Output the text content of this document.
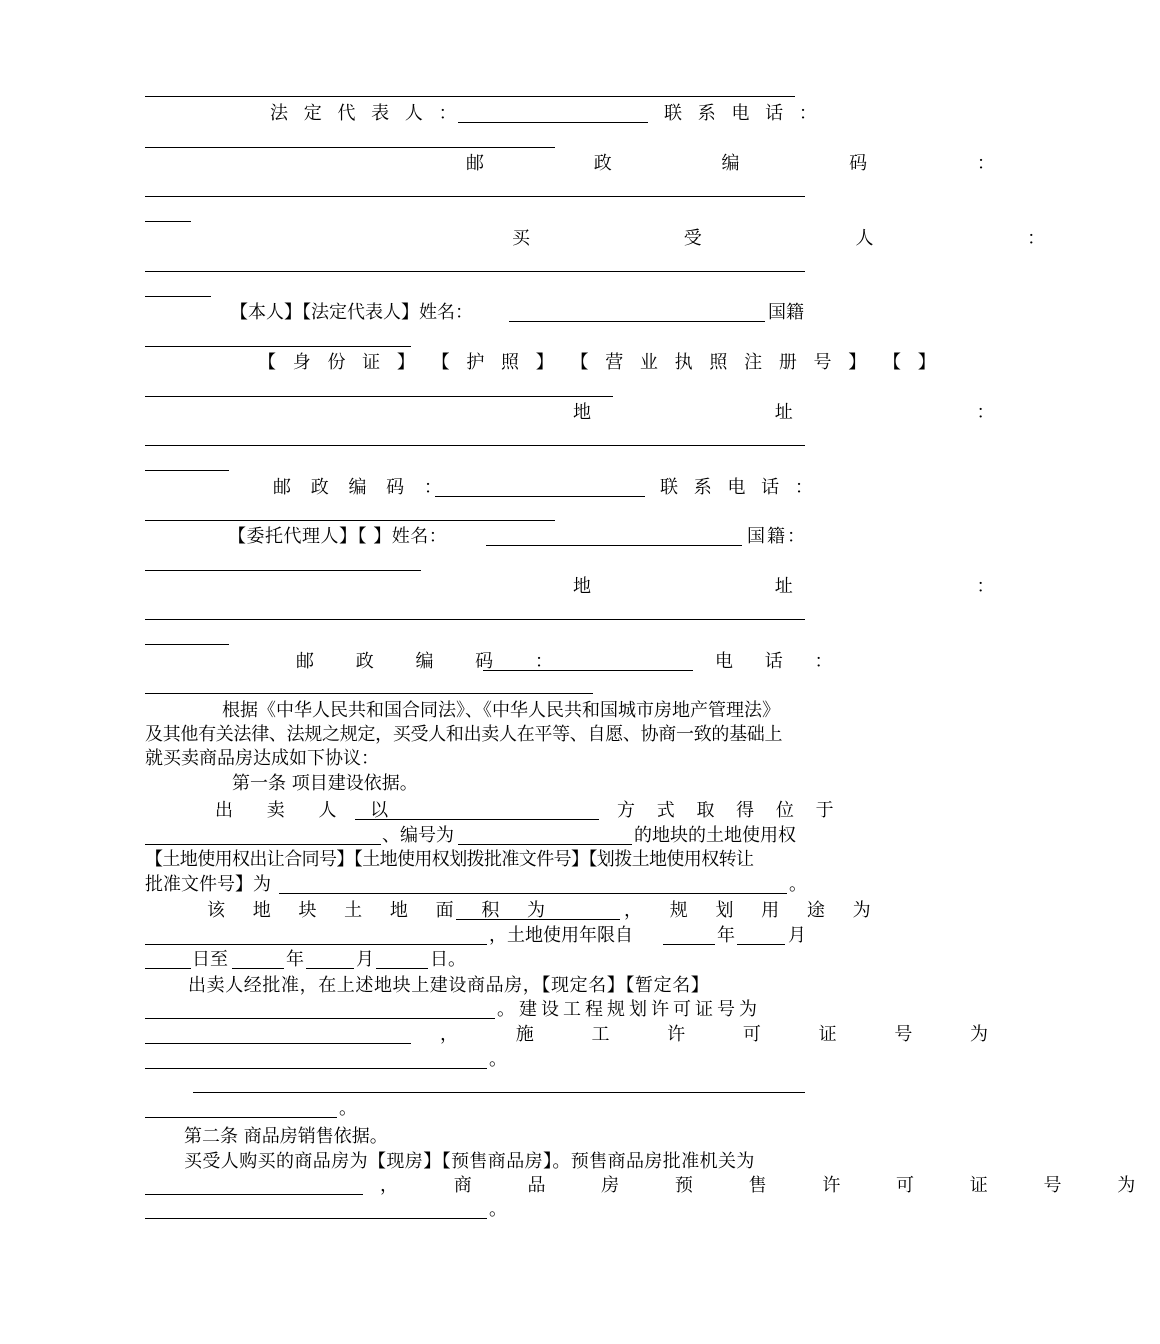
法 定 代 表 人 ：	联 系 电 话 ：
邮 政 编 码 ：
买 受 人 ：
【本人】【法定代表人】姓名：	国籍
【 身 份 证 】 【 护 照 】 【 营 业 执 照 注 册 号 】 【 】
地 址 ：
邮 政 编 码 ：	联 系 电 话 ：
【委托代理人】【 】姓名：	国籍：
地 址 ：
邮 政 编 码 ：	电 话 ：
根据《中华人民共和国合同法》、《中华人民共和国城市房地产管理法》
及其他有关法律、法规之规定，买受人和出卖人在平等、自愿、协商一致的基础上
就买卖商品房达成如下协议：
第一条 项目建设依据。
出 卖 人 以	方 式 取 得 位 于
、编号为	的地块的土地使用权
【土地使用权出让合同号】【土地使用权划拨批准文件号】【划拨土地使用权转让
批准文件号】为	。
该 地 块 土 地 面 积 为	， 规 划 用 途 为
，土地使用年限自	年	月
日至	年	月	日。
出卖人经批准，在上述地块上建设商品房，【现定名】【暂定名】
。建设工程规划许可证号为
， 施 工 许 可 证 号 为
。
。
第二条 商品房销售依据。
买受人购买的商品房为【现房】【预售商品房】。预售商品房批准机关为
， 商 品 房 预 售 许 可 证 号 为
。
